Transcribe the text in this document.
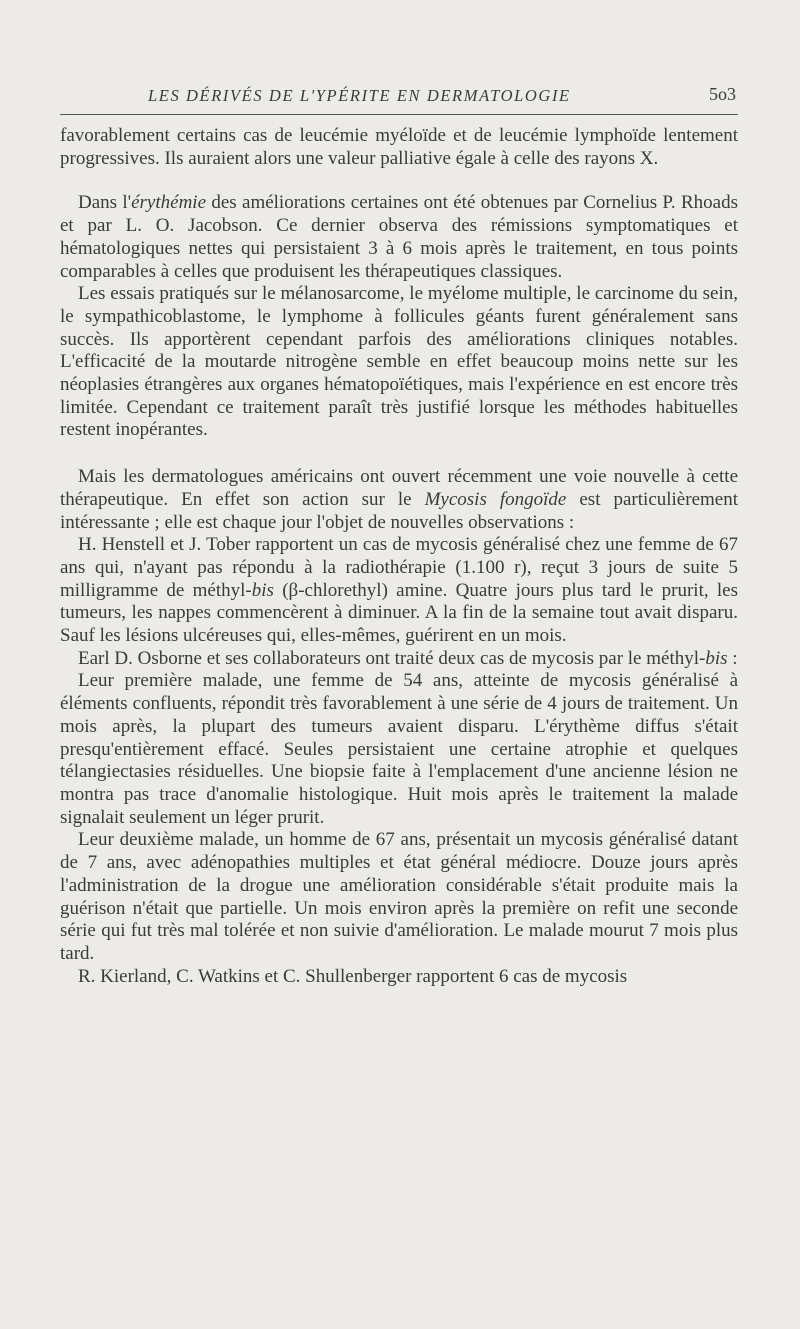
LES DÉRIVÉS DE L'YPÉRITE EN DERMATOLOGIE	5o3

favorablement certains cas de leucémie myéloïde et de leucémie lymphoïde lentement progressives. Ils auraient alors une valeur palliative égale à celle des rayons X.

Dans l'érythémie des améliorations certaines ont été obtenues par Cornelius P. Rhoads et par L. O. Jacobson. Ce dernier observa des rémissions symptomatiques et hématologiques nettes qui persistaient 3 à 6 mois après le traitement, en tous points comparables à celles que produisent les thérapeutiques classiques.

Les essais pratiqués sur le mélanosarcome, le myélome multiple, le carcinome du sein, le sympathicoblastome, le lymphome à follicules géants furent généralement sans succès. Ils apportèrent cependant parfois des améliorations cliniques notables. L'efficacité de la moutarde nitrogène semble en effet beaucoup moins nette sur les néoplasies étrangères aux organes hématopoïétiques, mais l'expérience en est encore très limitée. Cependant ce traitement paraît très justifié lorsque les méthodes habituelles restent inopérantes.

Mais les dermatologues américains ont ouvert récemment une voie nouvelle à cette thérapeutique. En effet son action sur le Mycosis fongoïde est particulièrement intéressante ; elle est chaque jour l'objet de nouvelles observations :

H. Henstell et J. Tober rapportent un cas de mycosis généralisé chez une femme de 67 ans qui, n'ayant pas répondu à la radiothérapie (1.100 r), reçut 3 jours de suite 5 milligramme de méthyl-bis (β-chlorethyl) amine. Quatre jours plus tard le prurit, les tumeurs, les nappes commencèrent à diminuer. A la fin de la semaine tout avait disparu. Sauf les lésions ulcéreuses qui, elles-mêmes, guérirent en un mois.

Earl D. Osborne et ses collaborateurs ont traité deux cas de mycosis par le méthyl-bis :

Leur première malade, une femme de 54 ans, atteinte de mycosis généralisé à éléments confluents, répondit très favorablement à une série de 4 jours de traitement. Un mois après, la plupart des tumeurs avaient disparu. L'érythème diffus s'était presqu'entièrement effacé. Seules persistaient une certaine atrophie et quelques télangiectasies résiduelles. Une biopsie faite à l'emplacement d'une ancienne lésion ne montra pas trace d'anomalie histologique. Huit mois après le traitement la malade signalait seulement un léger prurit.

Leur deuxième malade, un homme de 67 ans, présentait un mycosis généralisé datant de 7 ans, avec adénopathies multiples et état général médiocre. Douze jours après l'administration de la drogue une amélioration considérable s'était produite mais la guérison n'était que partielle. Un mois environ après la première on refit une seconde série qui fut très mal tolérée et non suivie d'amélioration. Le malade mourut 7 mois plus tard.

R. Kierland, C. Watkins et C. Shullenberger rapportent 6 cas de mycosis
